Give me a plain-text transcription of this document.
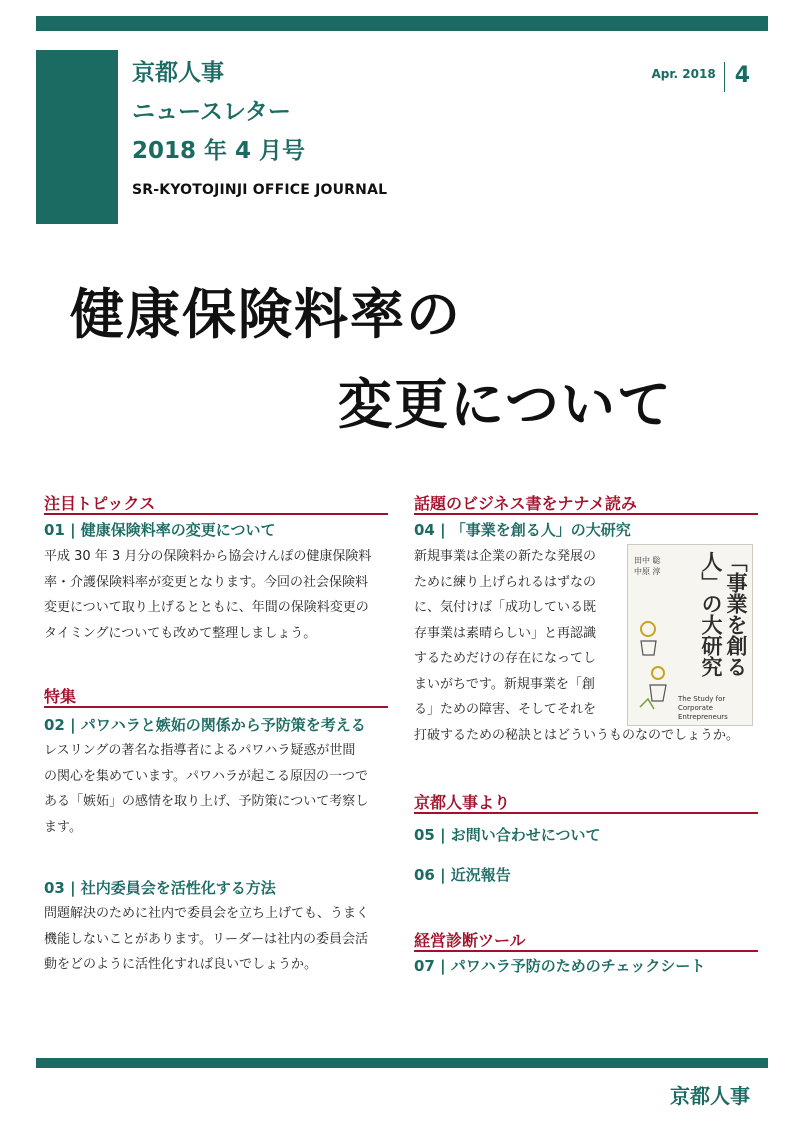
京都人事
ニュースレター
2018 年 4 月号
SR-KYOTOJINJI OFFICE JOURNAL
Apr. 2018 4
健康保険料率の
変更について
注目トピックス
01 | 健康保険料率の変更について
平成 30 年 3 月分の保険料から協会けんぽの健康保険料
率・介護保険料率が変更となります。今回の社会保険料
変更について取り上げるとともに、年間の保険料変更の
タイミングについても改めて整理しましょう。
特集
02 | パワハラと嫉妬の関係から予防策を考える
レスリングの著名な指導者によるパワハラ疑惑が世間
の関心を集めています。パワハラが起こる原因の一つで
ある「嫉妬」の感情を取り上げ、予防策について考察し
ます。
03 | 社内委員会を活性化する方法
問題解決のために社内で委員会を立ち上げても、うまく
機能しないことがあります。リーダーは社内の委員会活
動をどのように活性化すれば良いでしょうか。
話題のビジネス書をナナメ読み
04 | 「事業を創る人」の大研究
新規事業は企業の新たな発展の
ために練り上げられるはずなの
に、気付けば「成功している既
存事業は素晴らしい」と再認識
するためだけの存在になってし
まいがちです。新規事業を「創
る」ための障害、そしてそれを
打破するための秘訣とはどういうものなのでしょうか。
田中 聡
中原 淳	「事業を創る人」の大研究
The Study for Corporate Entrepreneurs
京都人事より
05 | お問い合わせについて
06 | 近況報告
経営診断ツール
07 | パワハラ予防のためのチェックシート
京都人事
